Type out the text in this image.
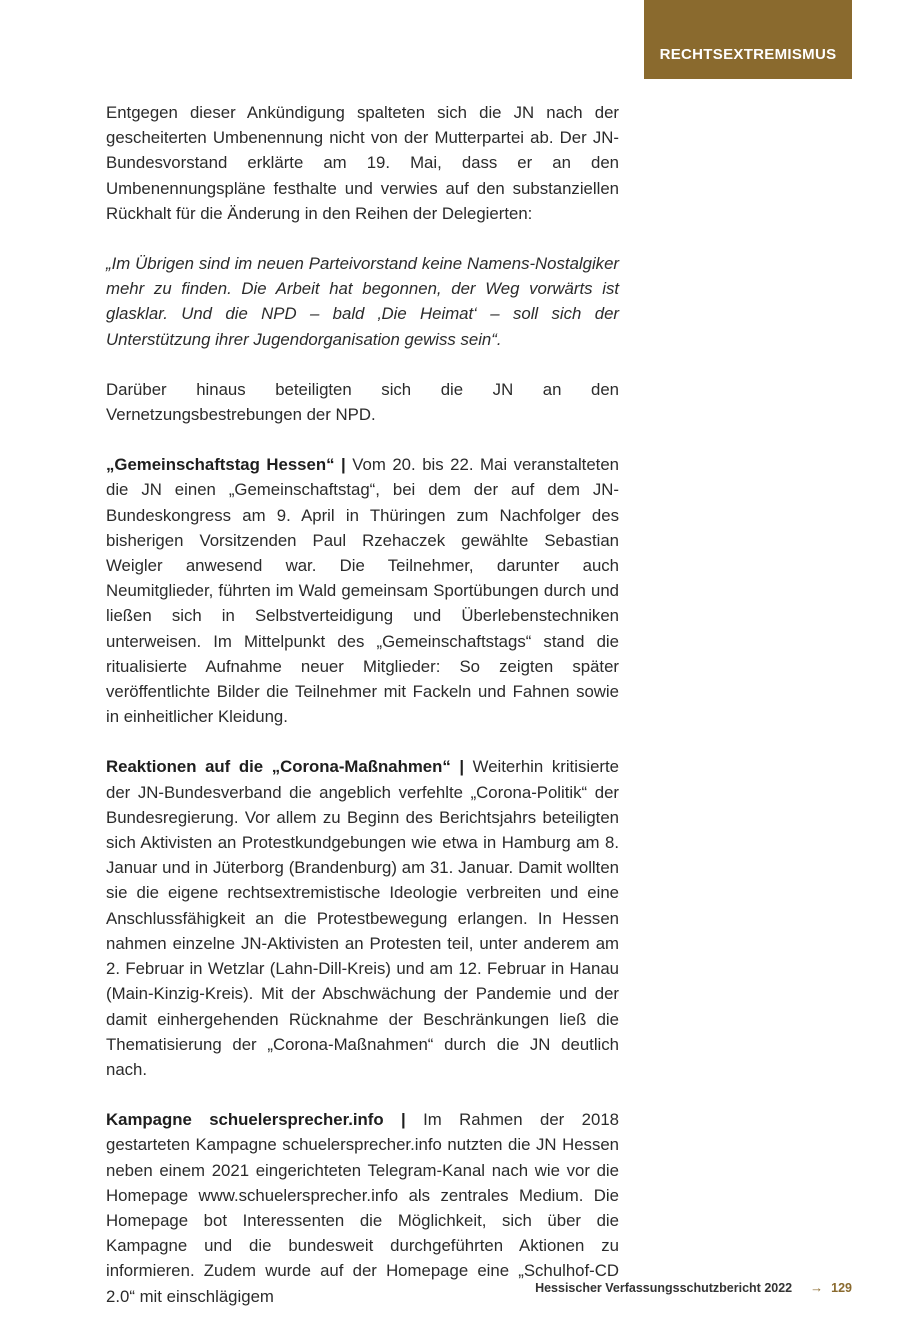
RECHTSEXTREMISMUS

Entgegen dieser Ankündigung spalteten sich die JN nach der gescheiterten Umbenennung nicht von der Mutterpartei ab. Der JN-Bundesvorstand erklärte am 19. Mai, dass er an den Umbenennungspläne festhalte und verwies auf den substanziellen Rückhalt für die Änderung in den Reihen der Delegierten:

„Im Übrigen sind im neuen Parteivorstand keine Namens-Nostalgiker mehr zu finden. Die Arbeit hat begonnen, der Weg vorwärts ist glasklar. Und die NPD – bald ‚Die Heimat‘ – soll sich der Unterstützung ihrer Jugendorganisation gewiss sein“.

Darüber hinaus beteiligten sich die JN an den Vernetzungsbestrebungen der NPD.

„Gemeinschaftstag Hessen“ | Vom 20. bis 22. Mai veranstalteten die JN einen „Gemeinschaftstag“, bei dem der auf dem JN-Bundeskongress am 9. April in Thüringen zum Nachfolger des bisherigen Vorsitzenden Paul Rzehaczek gewählte Sebastian Weigler anwesend war. Die Teilnehmer, darunter auch Neumitglieder, führten im Wald gemeinsam Sportübungen durch und ließen sich in Selbstverteidigung und Überlebenstechniken unterweisen. Im Mittelpunkt des „Gemeinschaftstags“ stand die ritualisierte Aufnahme neuer Mitglieder: So zeigten später veröffentlichte Bilder die Teilnehmer mit Fackeln und Fahnen sowie in einheitlicher Kleidung.

Reaktionen auf die „Corona-Maßnahmen“ | Weiterhin kritisierte der JN-Bundesverband die angeblich verfehlte „Corona-Politik“ der Bundesregierung. Vor allem zu Beginn des Berichtsjahrs beteiligten sich Aktivisten an Protestkundgebungen wie etwa in Hamburg am 8. Januar und in Jüterborg (Brandenburg) am 31. Januar. Damit wollten sie die eigene rechtsextremistische Ideologie verbreiten und eine Anschlussfähigkeit an die Protestbewegung erlangen. In Hessen nahmen einzelne JN-Aktivisten an Protesten teil, unter anderem am 2. Februar in Wetzlar (Lahn-Dill-Kreis) und am 12. Februar in Hanau (Main-Kinzig-Kreis). Mit der Abschwächung der Pandemie und der damit einhergehenden Rücknahme der Beschränkungen ließ die Thematisierung der „Corona-Maßnahmen“ durch die JN deutlich nach.

Kampagne schuelersprecher.info | Im Rahmen der 2018 gestarteten Kampagne schuelersprecher.info nutzten die JN Hessen neben einem 2021 eingerichteten Telegram-Kanal nach wie vor die Homepage www.schuelersprecher.info als zentrales Medium. Die Homepage bot Interessenten die Möglichkeit, sich über die Kampagne und die bundesweit durchgeführten Aktionen zu informieren. Zudem wurde auf der Homepage eine „Schulhof-CD 2.0“ mit einschlägigem	Hessischer Verfassungsschutzbericht 2022 → 129
